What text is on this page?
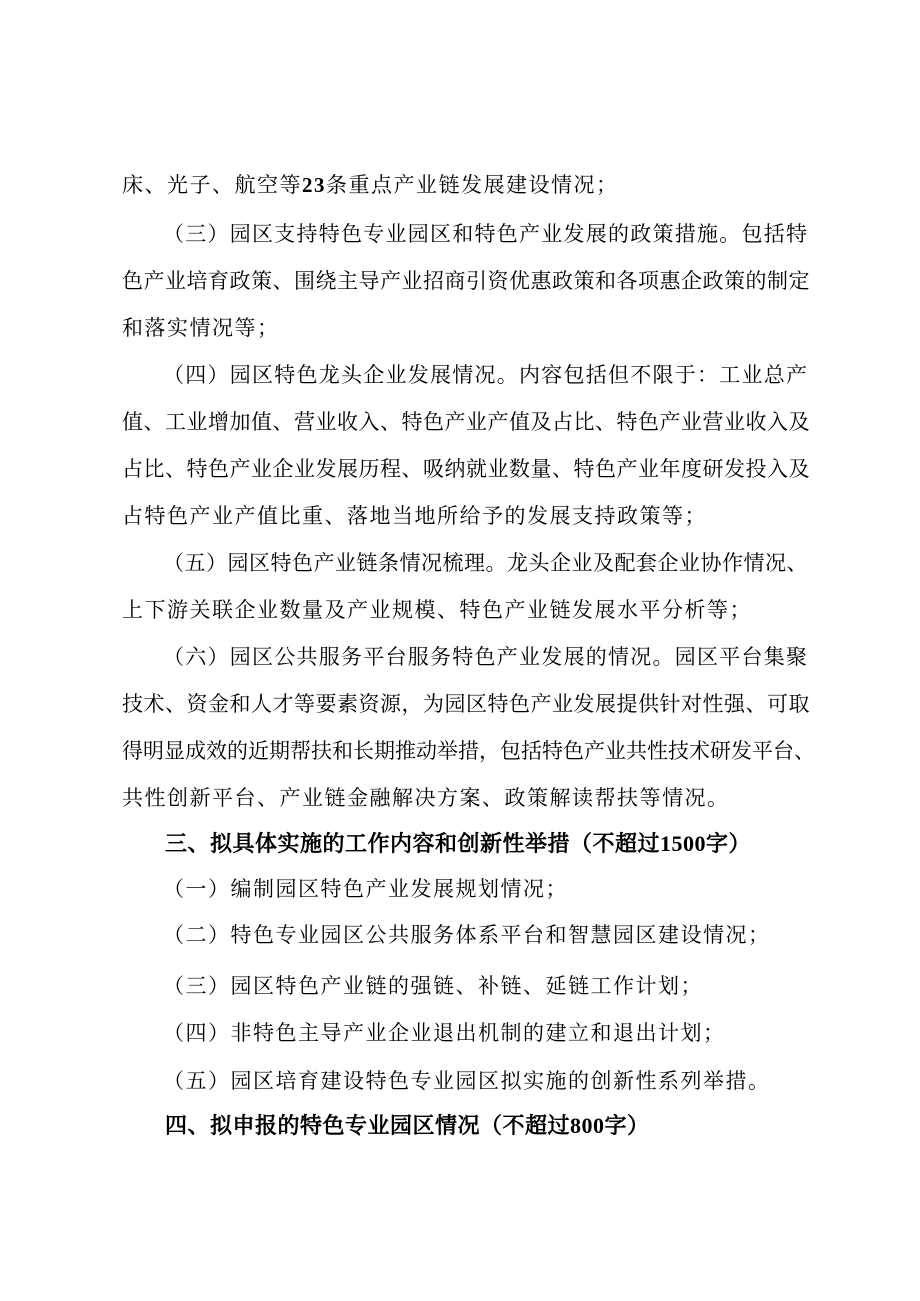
床、光子、航空等23条重点产业链发展建设情况；
（三）园区支持特色专业园区和特色产业发展的政策措施。包括特
色产业培育政策、围绕主导产业招商引资优惠政策和各项惠企政策的制定
和落实情况等；
（四）园区特色龙头企业发展情况。内容包括但不限于：工业总产
值、工业增加值、营业收入、特色产业产值及占比、特色产业营业收入及
占比、特色产业企业发展历程、吸纳就业数量、特色产业年度研发投入及
占特色产业产值比重、落地当地所给予的发展支持政策等；
（五）园区特色产业链条情况梳理。龙头企业及配套企业协作情况、
上下游关联企业数量及产业规模、特色产业链发展水平分析等；
（六）园区公共服务平台服务特色产业发展的情况。园区平台集聚
技术、资金和人才等要素资源，为园区特色产业发展提供针对性强、可取
得明显成效的近期帮扶和长期推动举措，包括特色产业共性技术研发平台、
共性创新平台、产业链金融解决方案、政策解读帮扶等情况。
三、拟具体实施的工作内容和创新性举措（不超过1500字）
（一）编制园区特色产业发展规划情况；
（二）特色专业园区公共服务体系平台和智慧园区建设情况；
（三）园区特色产业链的强链、补链、延链工作计划；
（四）非特色主导产业企业退出机制的建立和退出计划；
（五）园区培育建设特色专业园区拟实施的创新性系列举措。
四、拟申报的特色专业园区情况（不超过800字）
